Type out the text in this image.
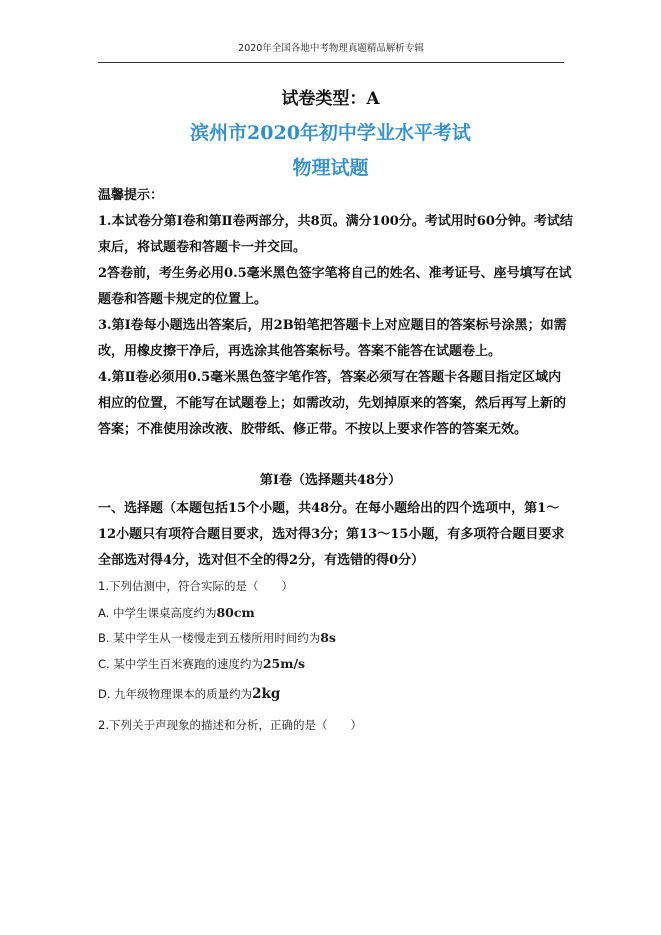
2020年全国各地中考物理真题精品解析专辑
试卷类型：A
滨州市2020年初中学业水平考试
物理试题

温馨提示：

1.本试卷分第Ⅰ卷和第Ⅱ卷两部分，共8页。满分100分。考试用时60分钟。考试结束后，将试题卷和答题卡一并交回。

2答卷前，考生务必用0.5毫米黑色签字笔将自己的姓名、准考证号、座号填写在试题卷和答题卡规定的位置上。

3.第Ⅰ卷每小题选出答案后，用2B铅笔把答题卡上对应题目的答案标号涂黑；如需改，用橡皮擦干净后，再选涂其他答案标号。答案不能答在试题卷上。

4.第Ⅱ卷必须用0.5毫米黑色签字笔作答，答案必须写在答题卡各题目指定区域内相应的位置，不能写在试题卷上；如需改动，先划掉原来的答案，然后再写上新的答案；不准使用涂改液、胶带纸、修正带。不按以上要求作答的答案无效。

第Ⅰ卷（选择题共48分）

一、选择题（本题包括15个小题，共48分。在每小题给出的四个选项中，第1～12小题只有项符合题目要求，选对得3分；第13～15小题，有多项符合题目要求全部选对得4分，选对但不全的得2分，有选错的得0分）

1.下列估测中，符合实际的是（　　）
A. 中学生课桌高度约为80cm
B. 某中学生从一楼慢走到五楼所用时间约为8s
C. 某中学生百米赛跑的速度约为25m/s
D. 九年级物理课本的质量约为2kg
2.下列关于声现象的描述和分析，正确的是（　　）
